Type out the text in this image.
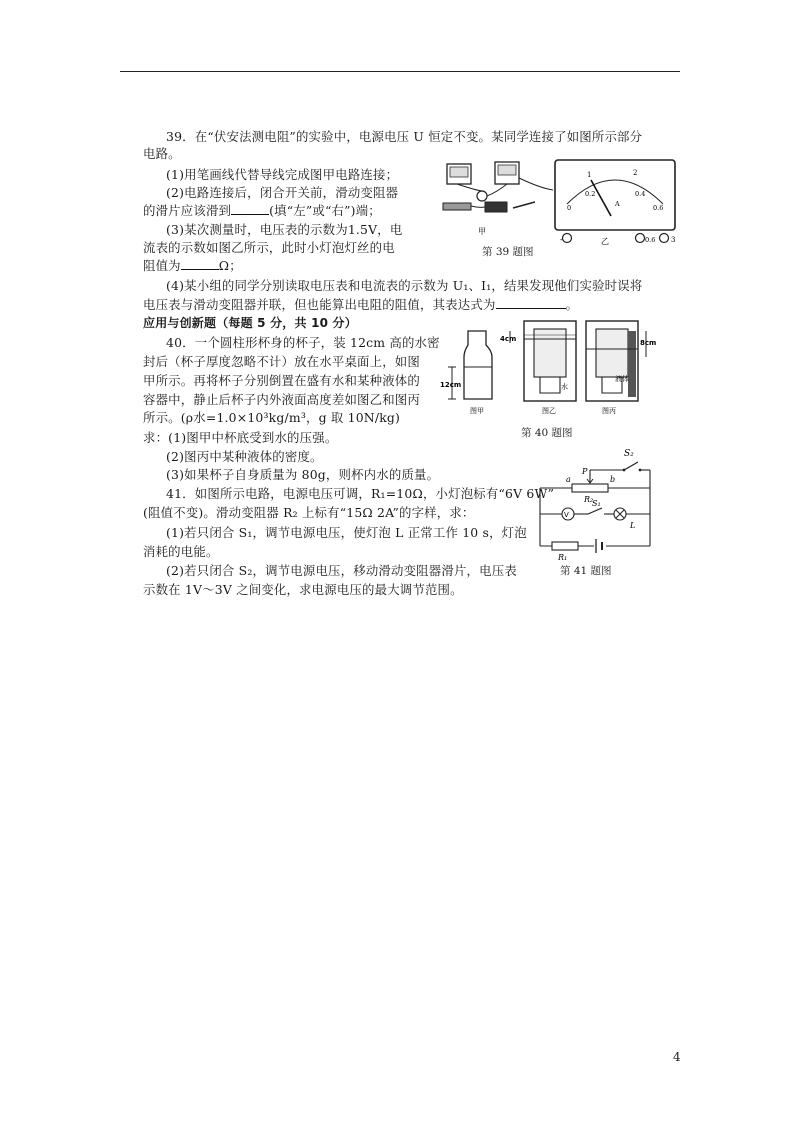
39．在“伏安法测电阻”的实验中，电源电压 U 恒定不变。某同学连接了如图所示部分
电路。
(1)用笔画线代替导线完成图甲电路连接；
(2)电路连接后，闭合开关前，滑动变阻器
的滑片应该滑到	(填“左”或“右”)端；
(3)某次测量时，电压表的示数为1.5V，电
流表的示数如图乙所示，此时小灯泡灯丝的电
阻值为	Ω；
(4)某小组的同学分别读取电压表和电流表的示数为 U₁、I₁，结果发现他们实验时误将
电压表与滑动变阻器并联，但也能算出电阻的阻值，其表达式为	。
甲
1	2
0
0.2	0.4
0.6
A
-	0.6 3
乙
第 39 题图
应用与创新题（每题 5 分，共 10 分）
40．一个圆柱形杯身的杯子，装 12cm 高的水密
封后（杯子厚度忽略不计）放在水平桌面上，如图
甲所示。再将杯子分别倒置在盛有水和某种液体的
容器中，静止后杯子内外液面高度差如图乙和图丙
所示。(ρ水=1.0×10³kg/m³，g 取 10N/kg)
求：(1)图甲中杯底受到水的压强。
(2)图丙中某种液体的密度。
(3)如果杯子自身质量为 80g，则杯内水的质量。
12cm
图甲
4cm
水
图乙
8cm
液体
图丙
第 40 题图
41．如图所示电路，电源电压可调，R₁=10Ω，小灯泡标有“6V 6W”
(阻值不变)。滑动变阻器 R₂ 上标有“15Ω 2A”的字样，求：
(1)若只闭合 S₁，调节电源电压，使灯泡 L 正常工作 10 s，灯泡
消耗的电能。
(2)若只闭合 S₂，调节电源电压，移动滑动变阻器滑片，电压表
示数在 1V～3V 之间变化，求电源电压的最大调节范围。
S₂
P
a	b
R₂
V
S₁
L
R₁
第 41 题图
4
